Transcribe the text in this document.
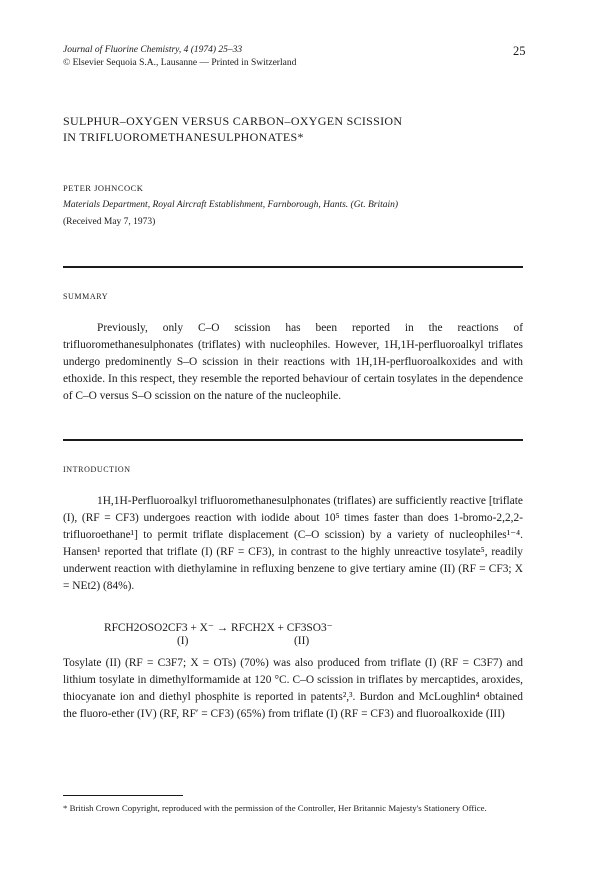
Journal of Fluorine Chemistry, 4 (1974) 25–33
© Elsevier Sequoia S.A., Lausanne — Printed in Switzerland
25
SULPHUR–OXYGEN VERSUS CARBON–OXYGEN SCISSION
IN TRIFLUOROMETHANESULPHONATES*
PETER JOHNCOCK
Materials Department, Royal Aircraft Establishment, Farnborough, Hants. (Gt. Britain)
(Received May 7, 1973)
SUMMARY
Previously, only C–O scission has been reported in the reactions of trifluoromethanesulphonates (triflates) with nucleophiles. However, 1H,1H-perfluoroalkyl triflates undergo predominently S–O scission in their reactions with 1H,1H-perfluoroalkoxides and with ethoxide. In this respect, they resemble the reported behaviour of certain tosylates in the dependence of C–O versus S–O scission on the nature of the nucleophile.
INTRODUCTION
1H,1H-Perfluoroalkyl trifluoromethanesulphonates (triflates) are sufficiently reactive [triflate (I), (RF = CF3) undergoes reaction with iodide about 10⁵ times faster than does 1-bromo-2,2,2-trifluoroethane¹] to permit triflate displacement (C–O scission) by a variety of nucleophiles¹⁻⁴. Hansen¹ reported that triflate (I) (RF = CF3), in contrast to the highly unreactive tosylate⁵, readily underwent reaction with diethylamine in refluxing benzene to give tertiary amine (II) (RF = CF3; X = NEt2) (84%).
RFCH2OSO2CF3 + X⁻ → RFCH2X + CF3SO3⁻
(I)	(II)
Tosylate (II) (RF = C3F7; X = OTs) (70%) was also produced from triflate (I) (RF = C3F7) and lithium tosylate in dimethylformamide at 120 °C. C–O scission in triflates by mercaptides, aroxides, thiocyanate ion and diethyl phosphite is reported in patents²,³. Burdon and McLoughlin⁴ obtained the fluoro-ether (IV) (RF, RF′ = CF3) (65%) from triflate (I) (RF = CF3) and fluoroalkoxide (III)
* British Crown Copyright, reproduced with the permission of the Controller, Her Britannic Majesty's Stationery Office.
